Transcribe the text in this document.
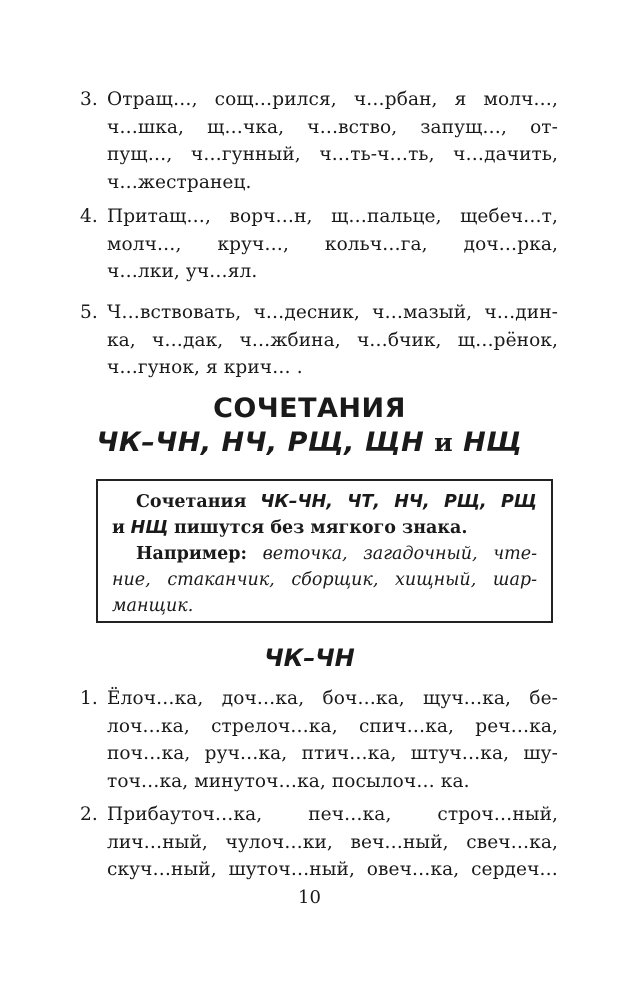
3. Отращ…, сощ…рился, ч…рбан, я молч…,
ч…шка, щ…чка, ч…вство, запущ…, от-
пущ…, ч…гунный, ч…ть-ч…ть, ч…дачить,
ч…жестранец.
4. Притащ…, ворч…н, щ…пальце, щебеч…т,
молч…, круч…, кольч…га, доч…рка,
ч…лки, уч…ял.
5. Ч…вствовать, ч…десник, ч…мазый, ч…дин-
ка, ч…дак, ч…жбина, ч…бчик, щ…рёнок,
ч…гунок, я крич… .
СОЧЕТАНИЯ
ЧК–ЧН, НЧ, РЩ, ЩН и НЩ
Сочетания ЧК–ЧН, ЧТ, НЧ, РЩ, РЩ
и НЩ пишутся без мягкого знака.
Например: веточка, загадочный, чте-
ние, стаканчик, сборщик, хищный, шар-
манщик.
ЧК–ЧН
1. Ёлоч…ка, доч…ка, боч…ка, щуч…ка, бе-
лоч…ка, стрелоч…ка, спич…ка, реч…ка,
поч…ка, руч…ка, птич…ка, штуч…ка, шу-
точ…ка, минуточ…ка, посылоч… ка.
2. Прибауточ…ка, печ…ка, строч…ный,
лич…ный, чулоч…ки, веч…ный, свеч…ка,
скуч…ный, шуточ…ный, овеч…ка, сердеч…
10
